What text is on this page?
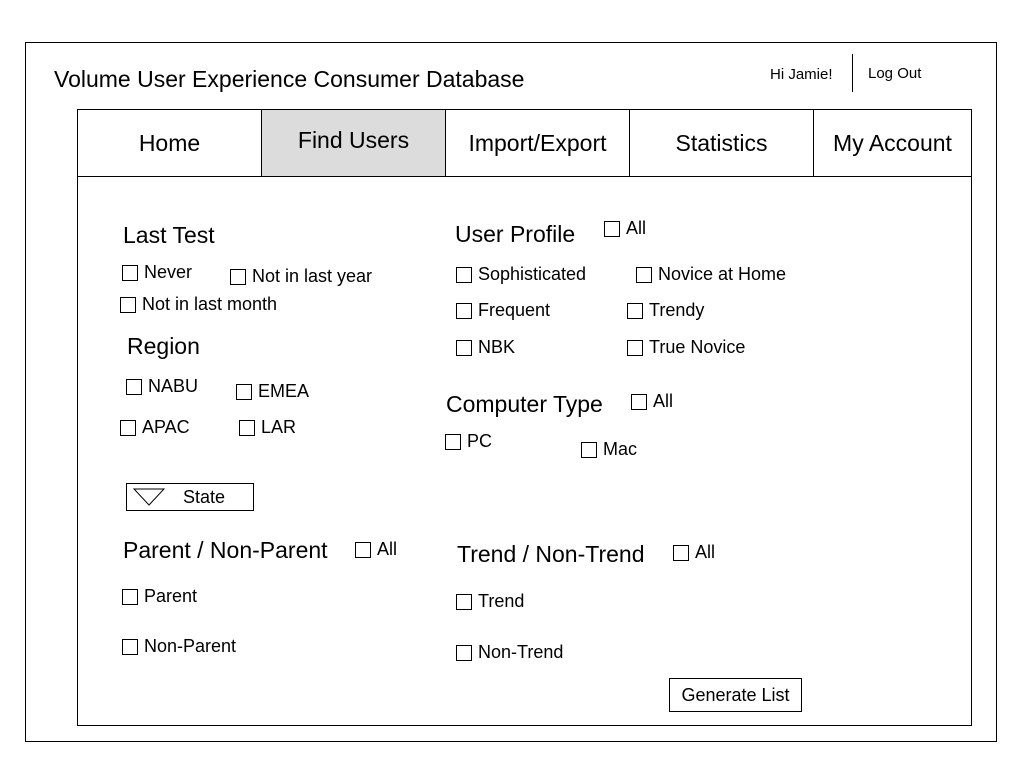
Volume User Experience Consumer Database	Hi Jamie! Log Out
Home	Find Users	Import/Export	Statistics	My Account
Last Test
Never	Not in last year
Not in last month
Region
NABU	EMEA
APAC	LAR
State
User Profile	All
Sophisticated	Novice at Home
Frequent	Trendy
NBK	True Novice
Computer Type	All
PC	Mac
Parent / Non-Parent	All
Parent
Non-Parent
Trend / Non-Trend	All
Trend
Non-Trend
Generate List
